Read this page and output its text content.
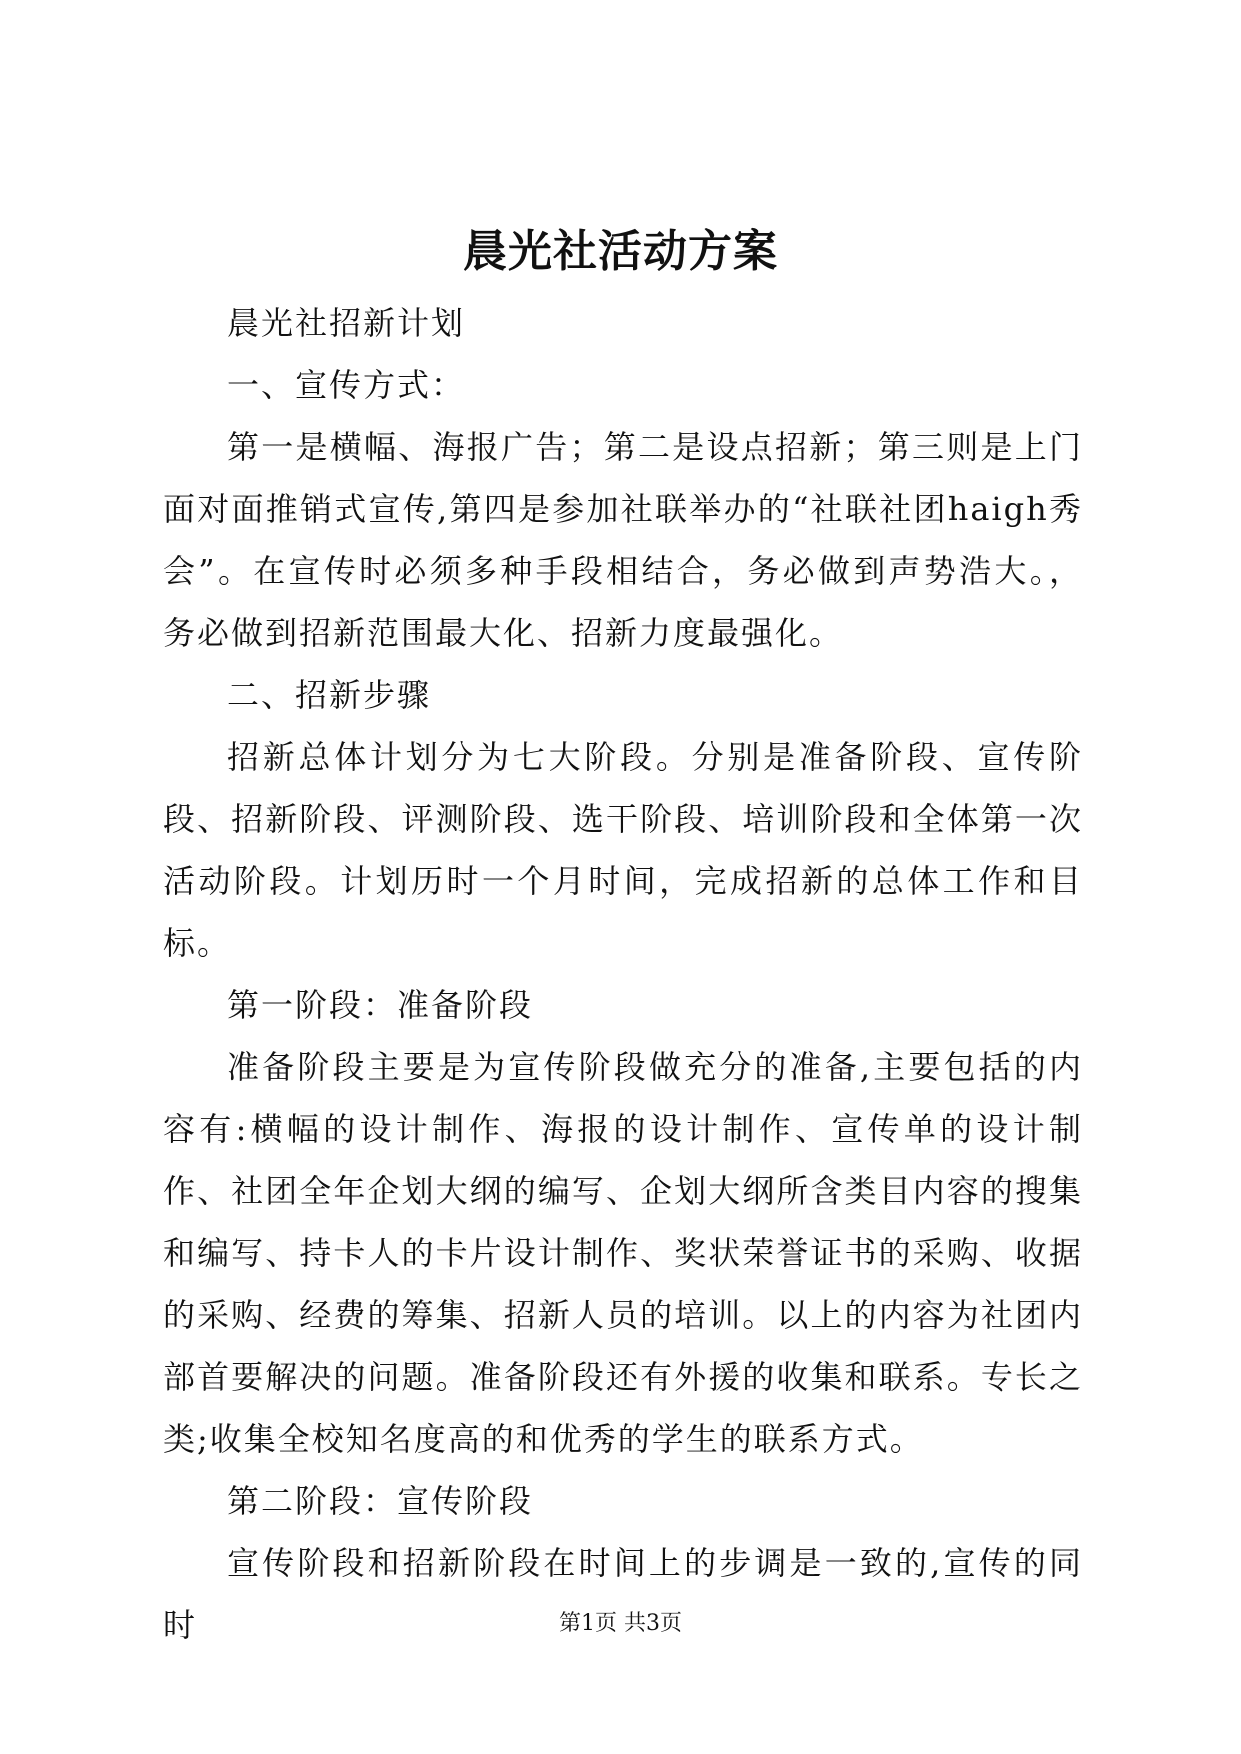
晨光社活动方案

晨光社招新计划

一、宣传方式：

第一是横幅、海报广告；第二是设点招新；第三则是上门面对面推销式宣传,第四是参加社联举办的“社联社团haigh秀会”。在宣传时必须多种手段相结合，务必做到声势浩大。，务必做到招新范围最大化、招新力度最强化。

二、招新步骤

招新总体计划分为七大阶段。分别是准备阶段、宣传阶段、招新阶段、评测阶段、选干阶段、培训阶段和全体第一次活动阶段。计划历时一个月时间，完成招新的总体工作和目标。

第一阶段：准备阶段

准备阶段主要是为宣传阶段做充分的准备,主要包括的内容有:横幅的设计制作、海报的设计制作、宣传单的设计制作、社团全年企划大纲的编写、企划大纲所含类目内容的搜集和编写、持卡人的卡片设计制作、奖状荣誉证书的采购、收据的采购、经费的筹集、招新人员的培训。以上的内容为社团内部首要解决的问题。准备阶段还有外援的收集和联系。专长之类;收集全校知名度高的和优秀的学生的联系方式。

第二阶段：宣传阶段

宣传阶段和招新阶段在时间上的步调是一致的,宣传的同时	第1页 共3页
